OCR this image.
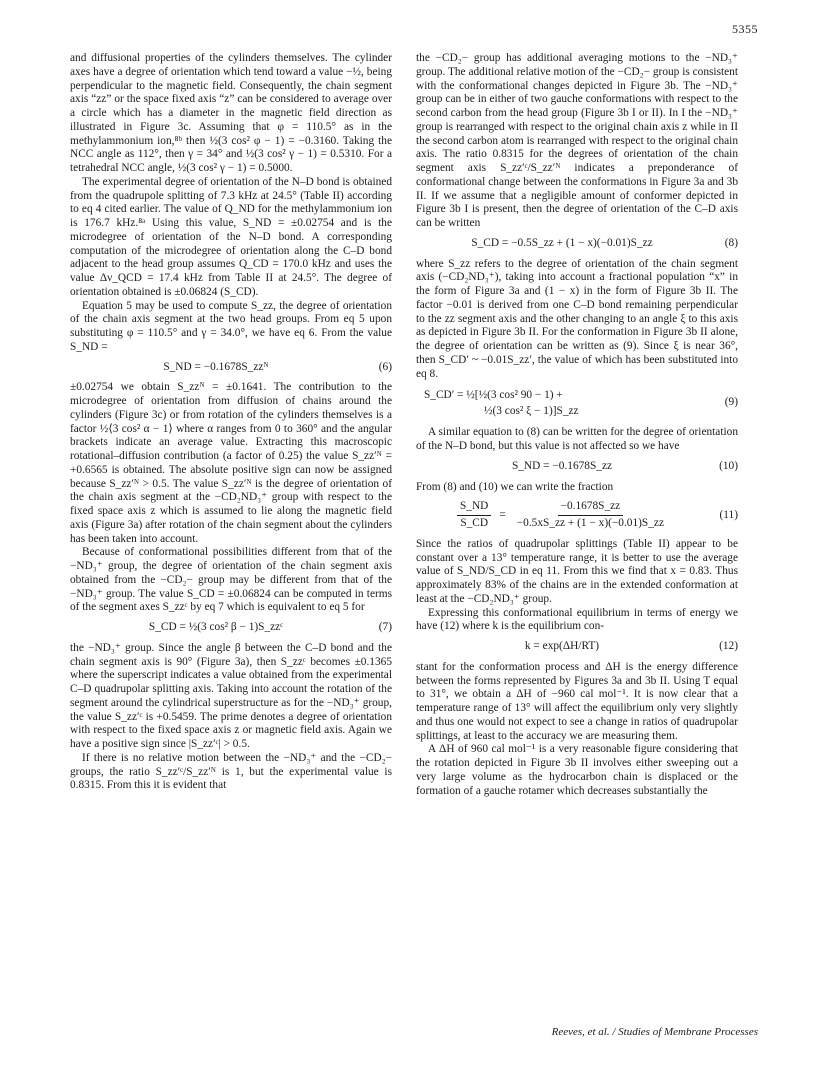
5355

and diffusional properties of the cylinders themselves. The cylinder axes have a degree of orientation which tend toward a value −½, being perpendicular to the magnetic field. Consequently, the chain segment axis “zz” or the space fixed axis “z” can be considered to average over a circle which has a diameter in the magnetic field direction as illustrated in Figure 3c. Assuming that φ = 110.5° as in the methylammonium ion,⁸ᵇ then ½(3 cos² φ − 1) = −0.3160. Taking the NCC angle as 112°, then γ = 34° and ½(3 cos² γ − 1) = 0.5310. For a tetrahedral NCC angle, ½(3 cos² γ − 1) = 0.5000.

The experimental degree of orientation of the N–D bond is obtained from the quadrupole splitting of 7.3 kHz at 24.5° (Table II) according to eq 4 cited earlier. The value of Q_ND for the methylammonium ion is 176.7 kHz.⁸ᵃ Using this value, S_ND = ±0.02754 and is the microdegree of orientation of the N–D bond. A corresponding computation of the microdegree of orientation along the C–D bond adjacent to the head group assumes Q_CD = 170.0 kHz and uses the value Δν_QCD = 17.4 kHz from Table II at 24.5°. The degree of orientation obtained is ±0.06824 (S_CD).

Equation 5 may be used to compute S_zz, the degree of orientation of the chain axis segment at the two head groups. From eq 5 upon substituting φ = 110.5° and γ = 34.0°, we have eq 6. From the value S_ND =

S_ND = −0.1678S_zzᴺ	(6)

±0.02754 we obtain S_zzᴺ = ±0.1641. The contribution to the microdegree of orientation from diffusion of chains around the cylinders (Figure 3c) or from rotation of the cylinders themselves is a factor ½⟨3 cos² α − 1⟩ where α ranges from 0 to 360° and the angular brackets indicate an average value. Extracting this macroscopic rotational–diffusion contribution (a factor of 0.25) the value S_zz′ᴺ = +0.6565 is obtained. The absolute positive sign can now be assigned because S_zz′ᴺ > 0.5. The value S_zz′ᴺ is the degree of orientation of the chain axis segment at the −CD₂ND₃⁺ group with respect to the fixed space axis z which is assumed to lie along the magnetic field axis (Figure 3a) after rotation of the chain segment about the cylinders has been taken into account.

Because of conformational possibilities different from that of the −ND₃⁺ group, the degree of orientation of the chain segment axis obtained from the −CD₂− group may be different from that of the −ND₃⁺ group. The value S_CD = ±0.06824 can be computed in terms of the segment axes S_zzᶜ by eq 7 which is equivalent to eq 5 for

S_CD = ½(3 cos² β − 1)S_zzᶜ	(7)

the −ND₃⁺ group. Since the angle β between the C–D bond and the chain segment axis is 90° (Figure 3a), then S_zzᶜ becomes ±0.1365 where the superscript indicates a value obtained from the experimental C–D quadrupolar splitting axis. Taking into account the rotation of the segment around the cylindrical superstructure as for the −ND₃⁺ group, the value S_zz′ᶜ is +0.5459. The prime denotes a degree of orientation with respect to the fixed space axis z or magnetic field axis. Again we have a positive sign since |S_zz′ᶜ| > 0.5.

If there is no relative motion between the −ND₃⁺ and the −CD₂− groups, the ratio S_zz′ᶜ/S_zz′ᴺ is 1, but the experimental value is 0.8315. From this it is evident that

the −CD₂− group has additional averaging motions to the −ND₃⁺ group. The additional relative motion of the −CD₂− group is consistent with the conformational changes depicted in Figure 3b. The −ND₃⁺ group can be in either of two gauche conformations with respect to the second carbon from the head group (Figure 3b I or II). In I the −ND₃⁺ group is rearranged with respect to the original chain axis z while in II the second carbon atom is rearranged with respect to the original chain axis. The ratio 0.8315 for the degrees of orientation of the chain segment axis S_zz′ᶜ/S_zz′ᴺ indicates a preponderance of conformational change between the conformations in Figure 3a and 3b II. If we assume that a negligible amount of conformer depicted in Figure 3b I is present, then the degree of orientation of the C–D axis can be written

S_CD = −0.5S_zz + (1 − x)(−0.01)S_zz	(8)

where S_zz refers to the degree of orientation of the chain segment axis (−CD₂ND₃⁺), taking into account a fractional population “x” in the form of Figure 3a and (1 − x) in the form of Figure 3b II. The factor −0.01 is derived from one C–D bond remaining perpendicular to the zz segment axis and the other changing to an angle ξ to this axis as depicted in Figure 3b II. For the conformation in Figure 3b II alone, the degree of orientation can be written as (9). Since ξ is near 36°, then S_CD′ ~ −0.01S_zz′, the value of which has been substituted into eq 8.

S_CD′ = ½[½(3 cos² 90 − 1) +
½(3 cos² ξ − 1)]S_zz
(9)

A similar equation to (8) can be written for the degree of orientation of the N–D bond, but this value is not affected so we have

S_ND = −0.1678S_zz	(10)

From (8) and (10) we can write the fraction

$\frac{S\_ND}{S\_CD} = \frac{-0.1678S\_zz}{-0.5xS\_zz + (1 - x)(-0.01)S\_zz}$	(11)

Since the ratios of quadrupolar splittings (Table II) appear to be constant over a 13° temperature range, it is better to use the average value of S_ND/S_CD in eq 11. From this we find that x = 0.83. Thus approximately 83% of the chains are in the extended conformation at least at the −CD₂ND₃⁺ group.

Expressing this conformational equilibrium in terms of energy we have (12) where k is the equilibrium con-

k = exp(ΔH/RT)	(12)

stant for the conformation process and ΔH is the energy difference between the forms represented by Figures 3a and 3b II. Using T equal to 31°, we obtain a ΔH of −960 cal mol⁻¹. It is now clear that a temperature range of 13° will affect the equilibrium only very slightly and thus one would not expect to see a change in ratios of quadrupolar splittings, at least to the accuracy we are measuring them.

A ΔH of 960 cal mol⁻¹ is a very reasonable figure considering that the rotation depicted in Figure 3b II involves either sweeping out a very large volume as the hydrocarbon chain is displaced or the formation of a gauche rotamer which decreases substantially the

Reeves, et al. / Studies of Membrane Processes
